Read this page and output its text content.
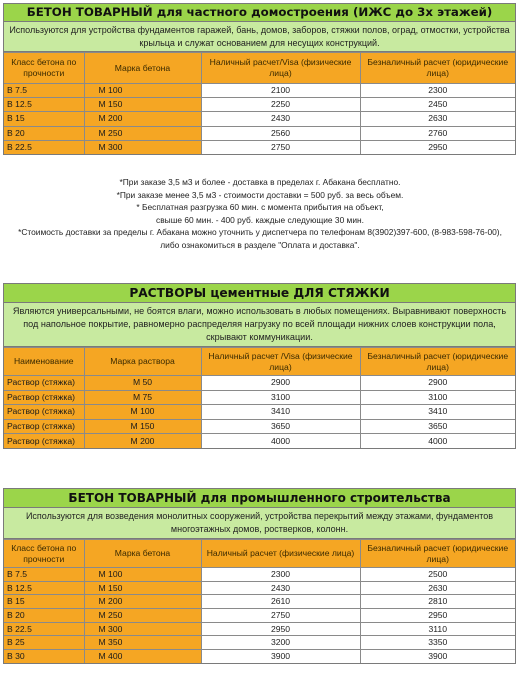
БЕТОН ТОВАРНЫЙ для частного домостроения (ИЖС до 3х этажей)
Используются для устройства фундаментов гаражей, бань, домов, заборов, стяжки полов, оград, отмостки, устройства крыльца и служат основанием для несущих конструкций.
Класс бетона по прочности	Марка бетона	Наличный расчет/Visa (физические лица)	Безналичный расчет (юридические лица)
В 7.5	М 100	2100	2300
В 12.5	М 150	2250	2450
В 15	М 200	2430	2630
В 20	М 250	2560	2760
В 22.5	М 300	2750	2950
*При заказе 3,5 м3 и более - доставка в пределах г. Абакана бесплатно.
*При заказе менее 3,5 м3 - стоимости доставки = 500 руб. за весь объем.
* Бесплатная разгрузка 60 мин. с момента прибытия на объект,
свыше 60 мин. - 400 руб. каждые следующие 30 мин.
*Стоимость доставки за пределы г. Абакана можно уточнить у диспетчера по телефонам 8(3902)397-600, (8-983-598-76-00), либо ознакомиться в разделе "Оплата и доставка".
РАСТВОРЫ цементные ДЛЯ СТЯЖКИ
Являются универсальными, не боятся влаги, можно использовать в любых помещениях. Выравнивают поверхность под напольное покрытие, равномерно распределяя нагрузку по всей площади нижних слоев конструкции пола, скрывают коммуникации.
Наименование	Марка раствора	Наличный расчет /Visa (физические лица)	Безналичный расчет (юридические лица)
Раствор (стяжка)	М 50	2900	2900
Раствор (стяжка)	М 75	3100	3100
Раствор (стяжка)	М 100	3410	3410
Раствор (стяжка)	М 150	3650	3650
Раствор (стяжка)	М 200	4000	4000
БЕТОН ТОВАРНЫЙ для промышленного строительства
Используются для возведения монолитных сооружений, устройства перекрытий между этажами, фундаментов многоэтажных домов, ростверков, колонн.
Класс бетона по прочности	Марка бетона	Наличный расчет (физические лица)	Безналичный расчет (юридические лица)
В 7.5	М 100	2300	2500
В 12.5	М 150	2430	2630
В 15	М 200	2610	2810
В 20	М 250	2750	2950
В 22.5	М 300	2950	3110
В 25	М 350	3200	3350
В 30	М 400	3900	3900
